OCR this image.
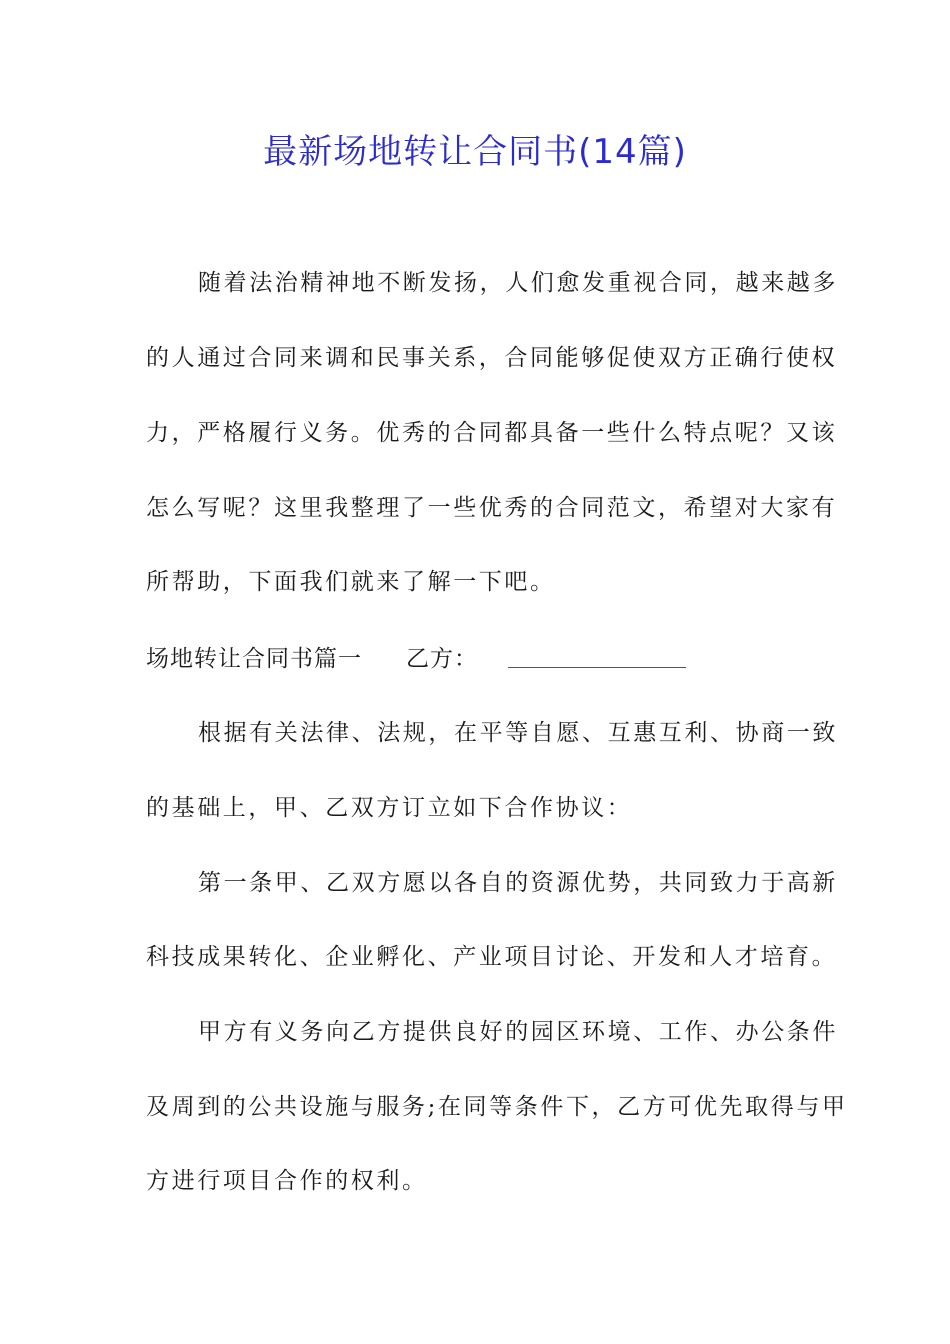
最新场地转让合同书(14篇)
随着法治精神地不断发扬，人们愈发重视合同，越来越多
的人通过合同来调和民事关系，合同能够促使双方正确行使权
力，严格履行义务。优秀的合同都具备一些什么特点呢？又该
怎么写呢？这里我整理了一些优秀的合同范文，希望对大家有
所帮助，下面我们就来了解一下吧。
场地转让合同书篇一 乙方：
根据有关法律、法规，在平等自愿、互惠互利、协商一致
的基础上，甲、乙双方订立如下合作协议：
第一条甲、乙双方愿以各自的资源优势，共同致力于高新
科技成果转化、企业孵化、产业项目讨论、开发和人才培育。
甲方有义务向乙方提供良好的园区环境、工作、办公条件
及周到的公共设施与服务;在同等条件下，乙方可优先取得与甲
方进行项目合作的权利。
